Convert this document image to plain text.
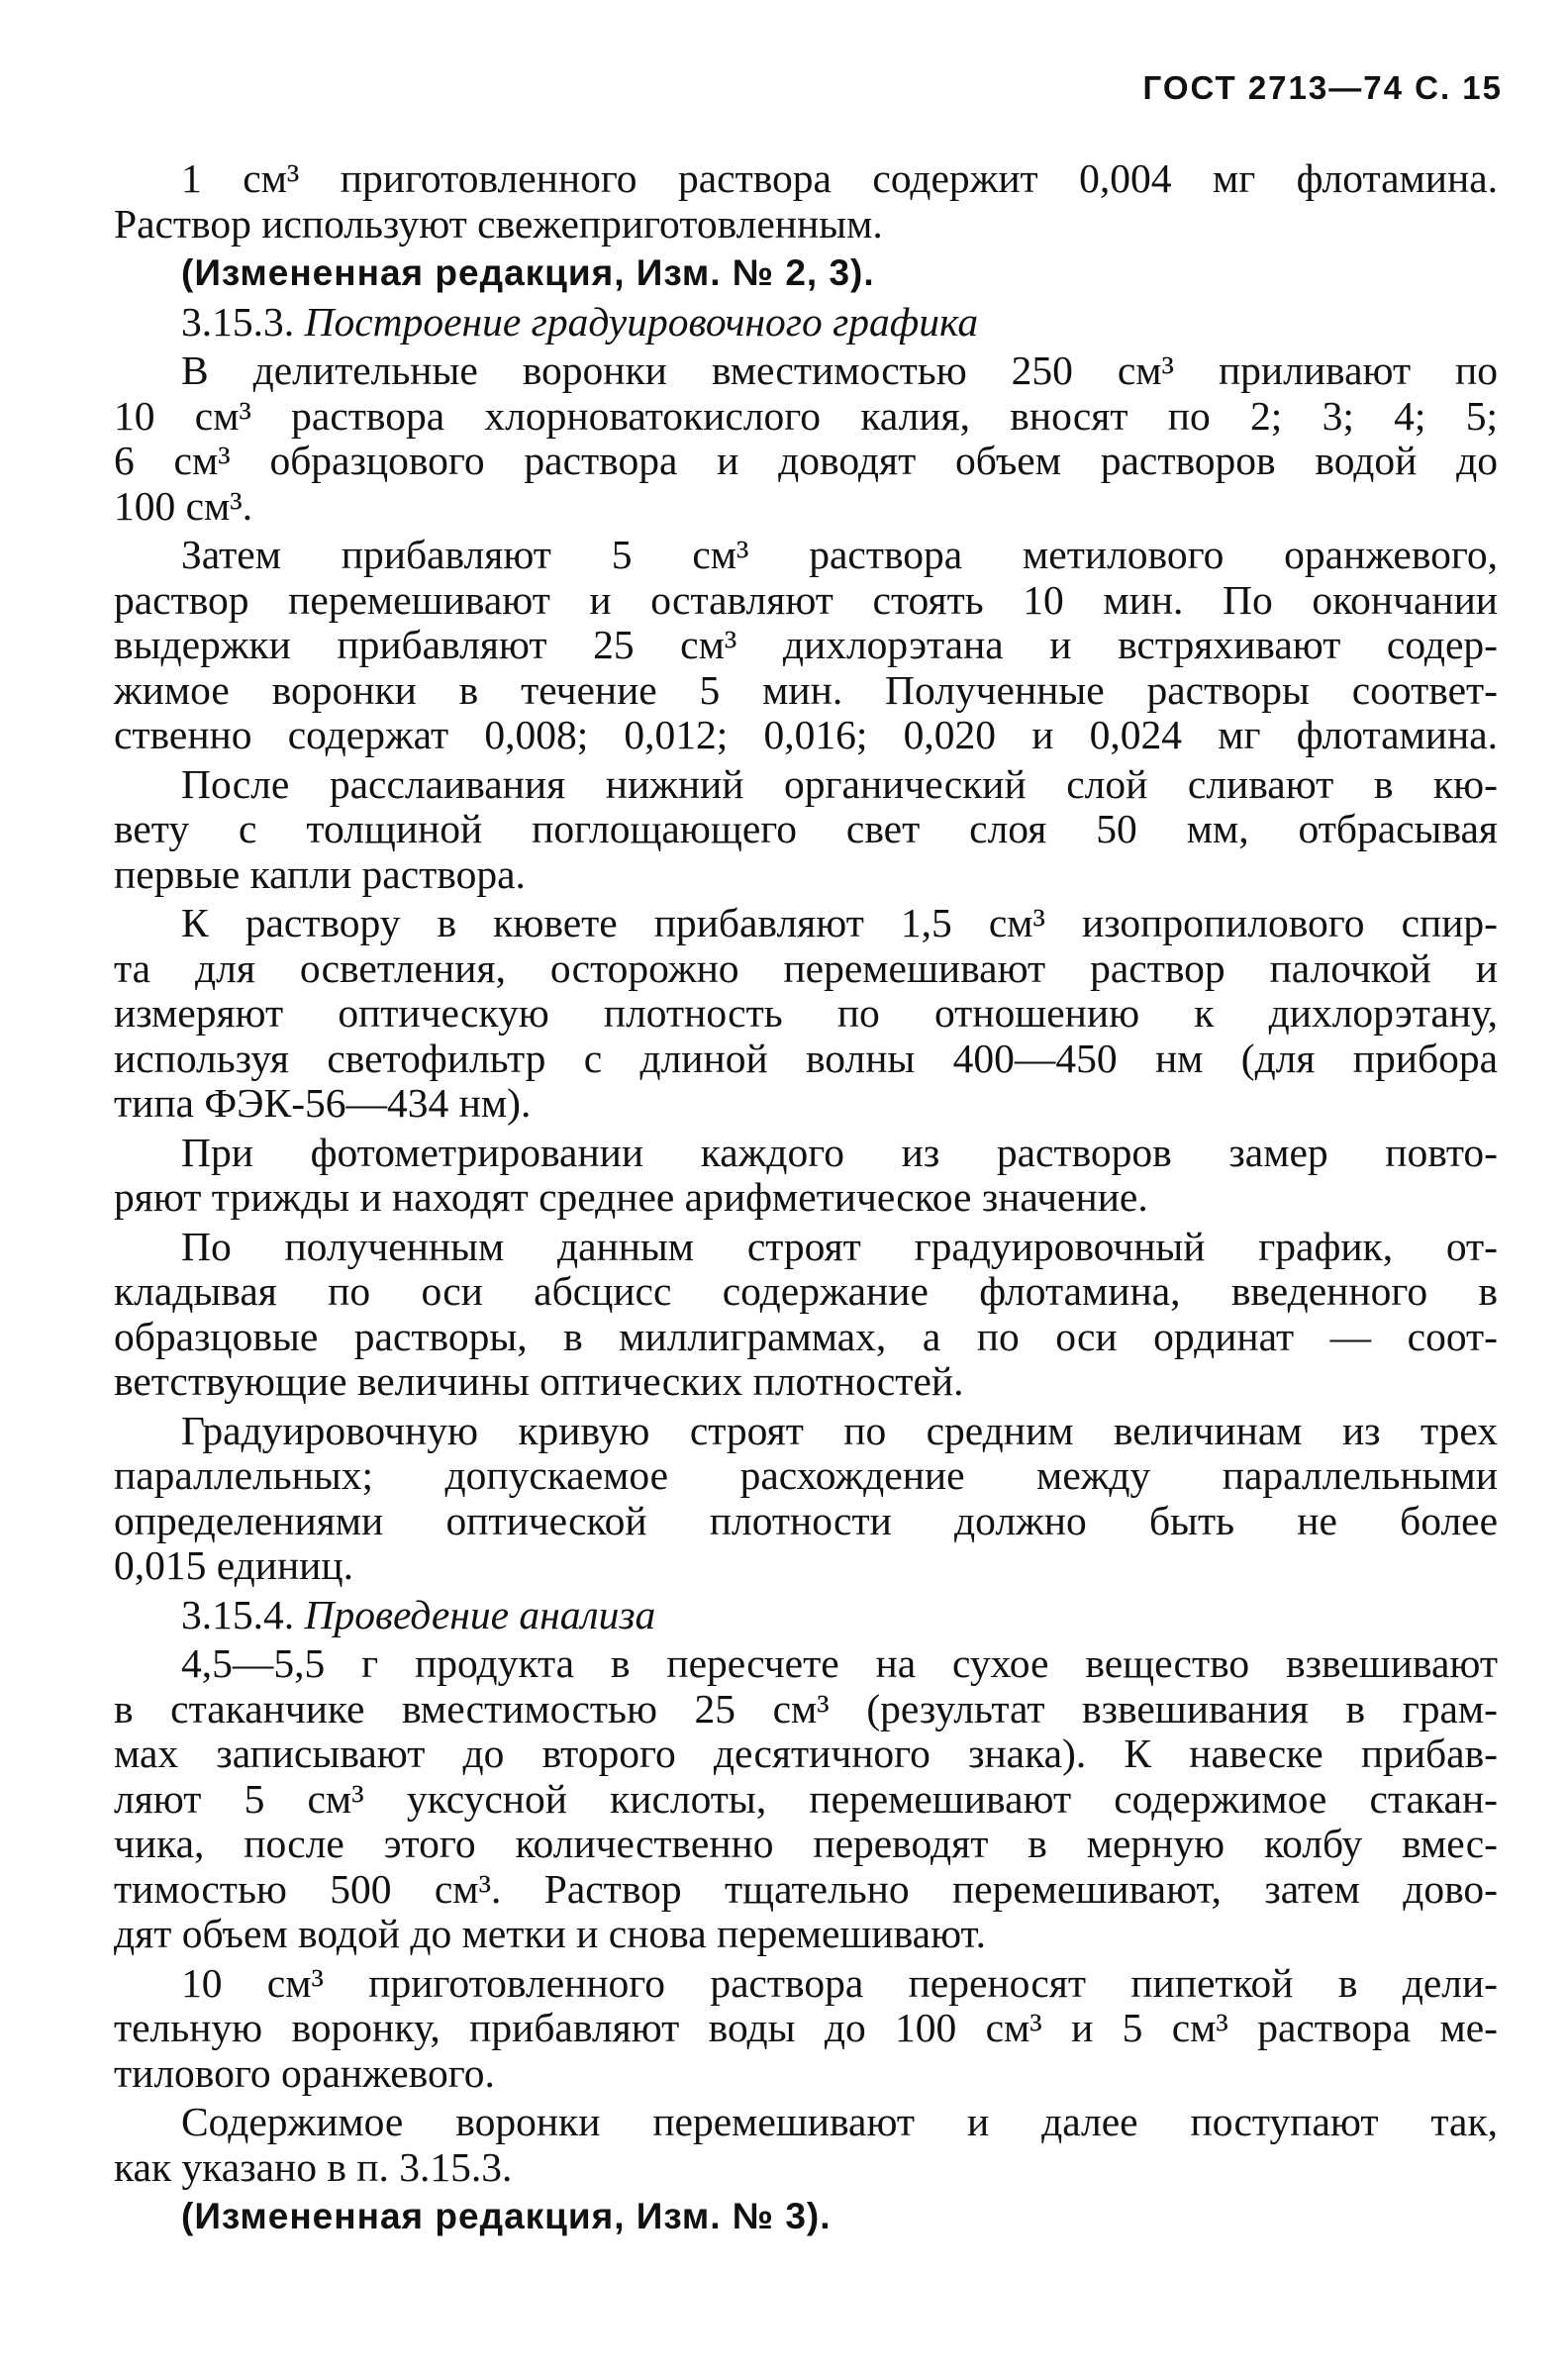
ГОСТ 2713—74 С. 15
1 см³ приготовленного раствора содержит 0,004 мг флотамина.
Раствор используют свежеприготовленным.
(Измененная редакция, Изм. № 2, 3).
3.15.3. Построение градуировочного графика
В делительные воронки вместимостью 250 см³ приливают по
10 см³ раствора хлорноватокислого калия, вносят по 2; 3; 4; 5;
6 см³ образцового раствора и доводят объем растворов водой до
100 см³.
Затем прибавляют 5 см³ раствора метилового оранжевого,
раствор перемешивают и оставляют стоять 10 мин. По окончании
выдержки прибавляют 25 см³ дихлорэтана и встряхивают содер-
жимое воронки в течение 5 мин. Полученные растворы соответ-
ственно содержат 0,008; 0,012; 0,016; 0,020 и 0,024 мг флотамина.
После расслаивания нижний органический слой сливают в кю-
вету с толщиной поглощающего свет слоя 50 мм, отбрасывая
первые капли раствора.
К раствору в кювете прибавляют 1,5 см³ изопропилового спир-
та для осветления, осторожно перемешивают раствор палочкой и
измеряют оптическую плотность по отношению к дихлорэтану,
используя светофильтр с длиной волны 400—450 нм (для прибора
типа ФЭК-56—434 нм).
При фотометрировании каждого из растворов замер повто-
ряют трижды и находят среднее арифметическое значение.
По полученным данным строят градуировочный график, от-
кладывая по оси абсцисс содержание флотамина, введенного в
образцовые растворы, в миллиграммах, а по оси ординат — соот-
ветствующие величины оптических плотностей.
Градуировочную кривую строят по средним величинам из трех
параллельных; допускаемое расхождение между параллельными
определениями оптической плотности должно быть не более
0,015 единиц.
3.15.4. Проведение анализа
4,5—5,5 г продукта в пересчете на сухое вещество взвешивают
в стаканчике вместимостью 25 см³ (результат взвешивания в грам-
мах записывают до второго десятичного знака). К навеске прибав-
ляют 5 см³ уксусной кислоты, перемешивают содержимое стакан-
чика, после этого количественно переводят в мерную колбу вмес-
тимостью 500 см³. Раствор тщательно перемешивают, затем дово-
дят объем водой до метки и снова перемешивают.
10 см³ приготовленного раствора переносят пипеткой в дели-
тельную воронку, прибавляют воды до 100 см³ и 5 см³ раствора ме-
тилового оранжевого.
Содержимое воронки перемешивают и далее поступают так,
как указано в п. 3.15.3.
(Измененная редакция, Изм. № 3).
